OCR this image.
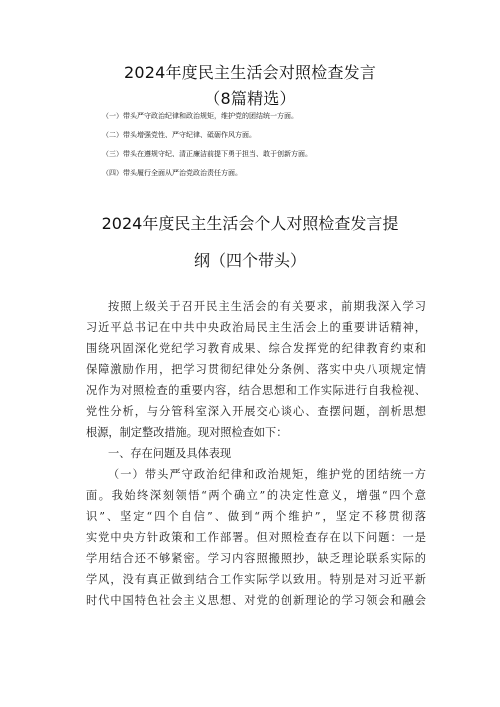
2024年度民主生活会对照检查发言
（8篇精选）
（一）带头严守政治纪律和政治规矩，维护党的团结统一方面。
（二）带头增强党性、严守纪律、砥砺作风方面。
（三）带头在遵规守纪、清正廉洁前提下勇于担当、敢于创新方面。
（四）带头履行全面从严治党政治责任方面。
2024年度民主生活会个人对照检查发言提
纲（四个带头）
按照上级关于召开民主生活会的有关要求，前期我深入学习
习近平总书记在中共中央政治局民主生活会上的重要讲话精神，
围绕巩固深化党纪学习教育成果、综合发挥党的纪律教育约束和
保障激励作用，把学习贯彻纪律处分条例、落实中央八项规定情
况作为对照检查的重要内容，结合思想和工作实际进行自我检视、
党性分析，与分管科室深入开展交心谈心、查摆问题，剖析思想
根源，制定整改措施。现对照检查如下：
一、存在问题及具体表现
（一）带头严守政治纪律和政治规矩，维护党的团结统一方
面。我始终深刻领悟“两个确立”的决定性意义，增强“四个意
识”、坚定“四个自信”、做到“两个维护”，坚定不移贯彻落
实党中央方针政策和工作部署。但对照检查存在以下问题：一是
学用结合还不够紧密。学习内容照搬照抄，缺乏理论联系实际的
学风，没有真正做到结合工作实际学以致用。特别是对习近平新
时代中国特色社会主义思想、对党的创新理论的学习领会和融会
